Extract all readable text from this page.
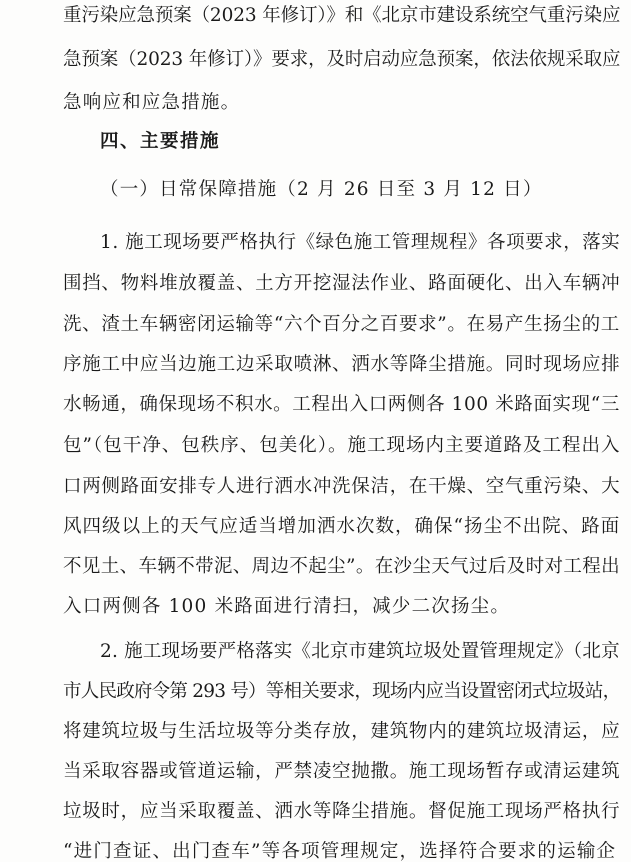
重污染应急预案（2023 年修订）》和《北京市建设系统空气重污染应
急预案（2023 年修订）》要求，及时启动应急预案，依法依规采取应
急响应和应急措施。
四、主要措施
（一）日常保障措施（2 月 26 日至 3 月 12 日）
1. 施工现场要严格执行《绿色施工管理规程》各项要求，落实
围挡、物料堆放覆盖、土方开挖湿法作业、路面硬化、出入车辆冲
洗、渣土车辆密闭运输等“六个百分之百要求”。在易产生扬尘的工
序施工中应当边施工边采取喷淋、洒水等降尘措施。同时现场应排
水畅通，确保现场不积水。工程出入口两侧各 100 米路面实现“三
包”（包干净、包秩序、包美化）。施工现场内主要道路及工程出入
口两侧路面安排专人进行洒水冲洗保洁，在干燥、空气重污染、大
风四级以上的天气应适当增加洒水次数，确保“扬尘不出院、路面
不见土、车辆不带泥、周边不起尘”。在沙尘天气过后及时对工程出
入口两侧各 100 米路面进行清扫，减少二次扬尘。
2. 施工现场要严格落实《北京市建筑垃圾处置管理规定》（北京
市人民政府令第 293 号）等相关要求，现场内应当设置密闭式垃圾站，
将建筑垃圾与生活垃圾等分类存放，建筑物内的建筑垃圾清运，应
当采取容器或管道运输，严禁凌空抛撒。施工现场暂存或清运建筑
垃圾时，应当采取覆盖、洒水等降尘措施。督促施工现场严格执行
“进门查证、出门查车”等各项管理规定，选择符合要求的运输企
